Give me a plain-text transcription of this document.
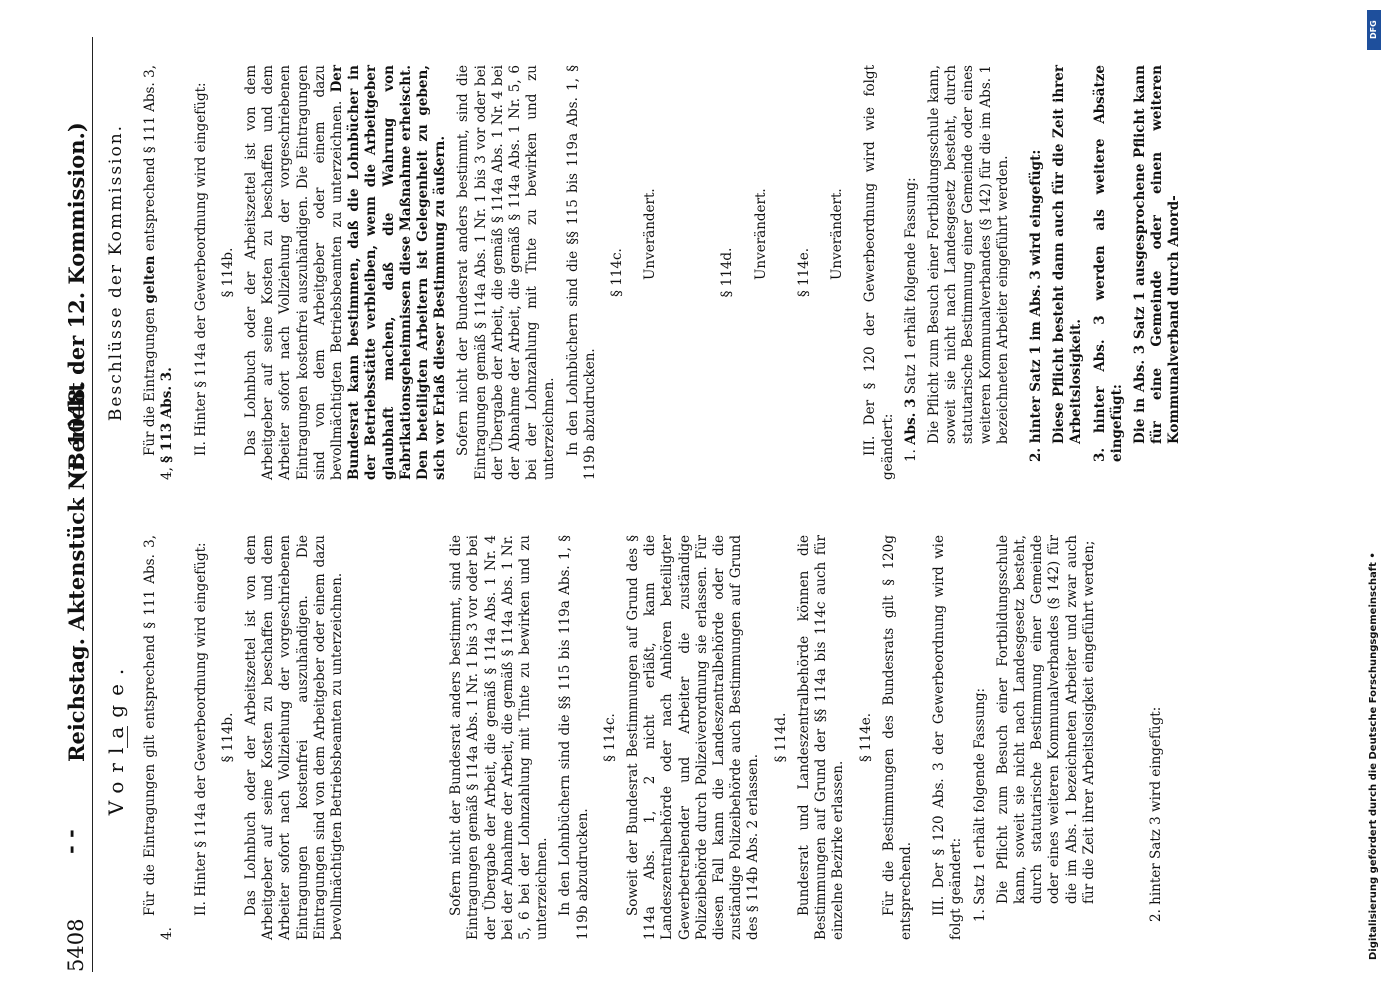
5408
- -
Reichstag. Aktenstück Nr. 1048.
(Bericht der 12. Kommission.)
Vorlage. Für die Eintragungen gilt entsprechend § 111 Abs. 3, 4.

II. Hinter § 114a der Gewerbeordnung wird eingefügt: § 114b. Das Lohnbuch oder der Arbeitszettel ist von dem Arbeitgeber auf seine Kosten zu beschaffen und dem Arbeiter sofort nach Vollziehung der vorgeschriebenen Eintragungen kostenfrei auszuhändigen. Die Eintragungen sind von dem Arbeitgeber oder einem dazu bevollmächtigten Betriebsbeamten zu unterzeichnen.	Sofern nicht der Bundesrat anders bestimmt, sind die Eintragungen gemäß § 114a Abs. 1 Nr. 1 bis 3 vor oder bei der Übergabe der Arbeit, die gemäß § 114a Abs. 1 Nr. 4 bei der Abnahme der Arbeit, die gemäß § 114a Abs. 1 Nr. 5, 6 bei der Lohnzahlung mit Tinte zu bewirken und zu unterzeichnen. In den Lohnbüchern sind die §§ 115 bis 119a Abs. 1, § 119b abzudrucken.

§ 114c. Soweit der Bundesrat Bestimmungen auf Grund des § 114a Abs. 1, 2 nicht erläßt, kann die Landeszentralbehörde oder nach Anhören beteiligter Gewerbetreibender und Arbeiter die zuständige Polizeibehörde durch Polizeiverordnung sie erlassen. Für diesen Fall kann die Landeszentralbehörde oder die zuständige Polizeibehörde auch Bestimmungen auf Grund des § 114b Abs. 2 erlassen.

§ 114d. Bundesrat und Landeszentralbehörde können die Bestimmungen auf Grund der §§ 114a bis 114c auch für einzelne Bezirke erlassen.

§ 114e. Für die Bestimmungen des Bundesrats gilt § 120g entsprechend. III. Der § 120 Abs. 3 der Gewerbeordnung wird wie folgt geändert: 1. Satz 1 erhält folgende Fassung: Die Pflicht zum Besuch einer Fortbildungsschule kann, soweit sie nicht nach Landesgesetz besteht, durch statutarische Bestimmung einer Gemeinde oder eines weiteren Kommunalverbandes (§ 142) für die im Abs. 1 bezeichneten Arbeiter und zwar auch für die Zeit ihrer Arbeitslosigkeit eingeführt werden;	2. hinter Satz 3 wird eingefügt:

Beschlüsse der Kommission. Für die Eintragungen gelten entsprechend § 111 Abs. 3, 4, § 113 Abs. 3. II. Hinter § 114a der Gewerbeordnung wird eingefügt: § 114b. Das Lohnbuch oder der Arbeitszettel ist von dem Arbeitgeber auf seine Kosten zu beschaffen und dem Arbeiter sofort nach Vollziehung der vorgeschriebenen Eintragungen kostenfrei auszuhändigen. Die Eintragungen sind von dem Arbeitgeber oder einem dazu bevollmächtigten Betriebsbeamten zu unterzeichnen. Der Bundesrat kann bestimmen, daß die Lohnbücher in der Betriebsstätte verbleiben, wenn die Arbeitgeber glaubhaft machen, daß die Wahrung von Fabrikationsgeheimnissen diese Maßnahme erheischt. Den beteiligten Arbeitern ist Gelegenheit zu geben, sich vor Erlaß dieser Bestimmung zu äußern. Sofern nicht der Bundesrat anders bestimmt, sind die Eintragungen gemäß § 114a Abs. 1 Nr. 1 bis 3 vor oder bei der Übergabe der Arbeit, die gemäß § 114a Abs. 1 Nr. 4 bei der Abnahme der Arbeit, die gemäß § 114a Abs. 1 Nr. 5, 6 bei der Lohnzahlung mit Tinte zu bewirken und zu unterzeichnen. In den Lohnbüchern sind die §§ 115 bis 119a Abs. 1, § 119b abzudrucken.

§ 114c. Unverändert.	§ 114d. Unverändert. § 114e. Unverändert. III. Der § 120 der Gewerbeordnung wird wie folgt geändert: 1. Abs. 3 Satz 1 erhält folgende Fassung: Die Pflicht zum Besuch einer Fortbildungsschule kann, soweit sie nicht nach Landesgesetz besteht, durch statutarische Bestimmung einer Gemeinde oder eines weiteren Kommunalverbandes (§ 142) für die im Abs. 1 bezeichneten Arbeiter eingeführt werden. 2. hinter Satz 1 im Abs. 3 wird eingefügt: Diese Pflicht besteht dann auch für die Zeit ihrer Arbeitslosigkeit. 3. hinter Abs. 3 werden als weitere Absätze eingefügt: Die in Abs. 3 Satz 1 ausgesprochene Pflicht kann für eine Gemeinde oder einen weiteren Kommunalverband durch Anord-

DFG
Digitalisierung gefördert durch die Deutsche Forschungsgemeinschaft •
